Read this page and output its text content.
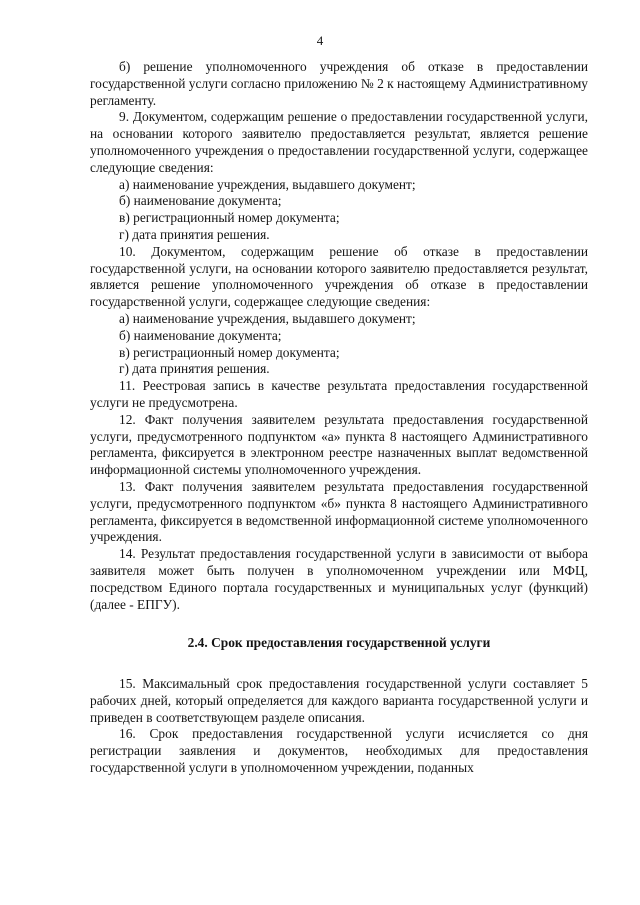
4

б) решение уполномоченного учреждения об отказе в предоставлении государственной услуги согласно приложению № 2 к настоящему Административному регламенту.

9. Документом, содержащим решение о предоставлении государственной услуги, на основании которого заявителю предоставляется результат, является решение уполномоченного учреждения о предоставлении государственной услуги, содержащее следующие сведения:

а) наименование учреждения, выдавшего документ;

б) наименование документа;

в) регистрационный номер документа;

г) дата принятия решения.

10. Документом, содержащим решение об отказе в предоставлении государственной услуги, на основании которого заявителю предоставляется результат, является решение уполномоченного учреждения об отказе в предоставлении государственной услуги, содержащее следующие сведения:

а) наименование учреждения, выдавшего документ;

б) наименование документа;

в) регистрационный номер документа;

г) дата принятия решения.

11. Реестровая запись в качестве результата предоставления государственной услуги не предусмотрена.

12. Факт получения заявителем результата предоставления государственной услуги, предусмотренного подпунктом «а» пункта 8 настоящего Административного регламента, фиксируется в электронном реестре назначенных выплат ведомственной информационной системы уполномоченного учреждения.

13. Факт получения заявителем результата предоставления государственной услуги, предусмотренного подпунктом «б» пункта 8 настоящего Административного регламента, фиксируется в ведомственной информационной системе уполномоченного учреждения.

14. Результат предоставления государственной услуги в зависимости от выбора заявителя может быть получен в уполномоченном учреждении или МФЦ, посредством Единого портала государственных и муниципальных услуг (функций) (далее - ЕПГУ).

2.4. Срок предоставления государственной услуги

15. Максимальный срок предоставления государственной услуги составляет 5 рабочих дней, который определяется для каждого варианта государственной услуги и приведен в соответствующем разделе описания.

16. Срок предоставления государственной услуги исчисляется со дня регистрации заявления и документов, необходимых для предоставления государственной услуги в уполномоченном учреждении, поданных
